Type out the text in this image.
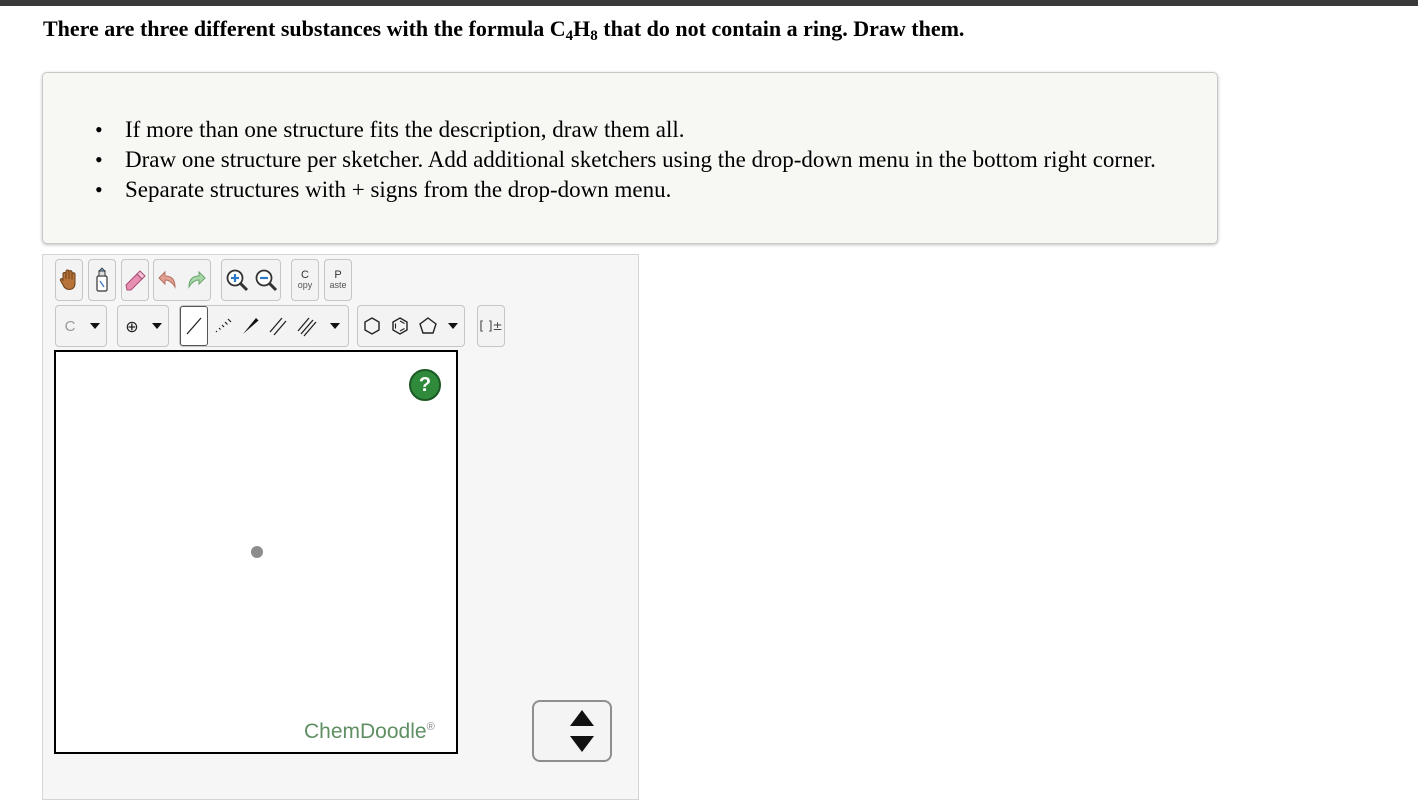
There are three different substances with the formula $C_4H_8$ that do not contain a ring. Draw them.
• If more than one structure fits the description, draw them all.
• Draw one structure per sketcher. Add additional sketchers using the drop-down menu in the bottom right corner.
• Separate structures with + signs from the drop-down menu.
C
opy
P
aste
C	⊕	[ ]±
?
ChemDoodle®
